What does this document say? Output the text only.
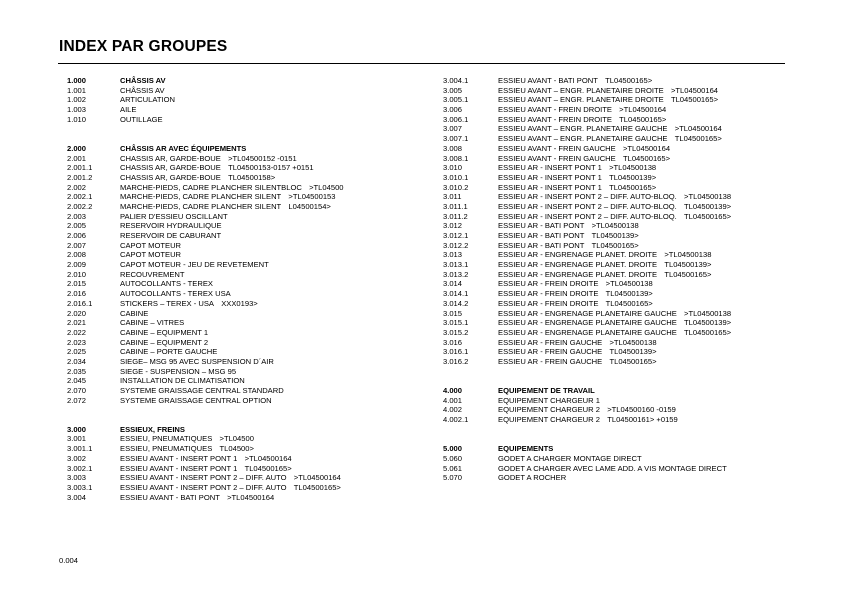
INDEX PAR GROUPES
1.000	CHÂSSIS AV
1.001	CHÂSSIS AV
1.002	ARTICULATION
1.003	AILE
1.010	OUTILLAGE
2.000	CHÂSSIS AR AVEC ÉQUIPEMENTS
2.001	CHASSIS AR, GARDE-BOUE >TL04500152 -0151
2.001.1	CHASSIS AR, GARDE-BOUE TL04500153-0157 +0151
2.001.2	CHASSIS AR, GARDE-BOUE TL04500158>
2.002	MARCHE-PIEDS, CADRE PLANCHER SILENTBLOC >TL04500
2.002.1	MARCHE-PIEDS, CADRE PLANCHER SILENT >TL04500153
2.002.2	MARCHE-PIEDS, CADRE PLANCHER SILENT L04500154>
2.003	PALIER D'ESSIEU OSCILLANT
2.005	RESERVOIR HYDRAULIQUE
2.006	RESERVOIR DE CABURANT
2.007	CAPOT MOTEUR
2.008	CAPOT MOTEUR
2.009	CAPOT MOTEUR - JEU DE REVETEMENT
2.010	RECOUVREMENT
2.015	AUTOCOLLANTS - TEREX
2.016	AUTOCOLLANTS - TEREX USA
2.016.1	STICKERS – TEREX - USA XXX0193>
2.020	CABINE
2.021	CABINE – VITRES
2.022	CABINE – EQUIPMENT 1
2.023	CABINE – EQUIPMENT 2
2.025	CABINE – PORTE GAUCHE
2.034	SIEGE– MSG 95 AVEC SUSPENSION D´AIR
2.035	SIEGE - SUSPENSION – MSG 95
2.045	INSTALLATION DE CLIMATISATION
2.070	SYSTEME GRAISSAGE CENTRAL STANDARD
2.072	SYSTEME GRAISSAGE CENTRAL OPTION
3.000	ESSIEUX, FREINS
3.001	ESSIEU, PNEUMATIQUES >TL04500
3.001.1	ESSIEU, PNEUMATIQUES TL04500>
3.002	ESSIEU AVANT - INSERT PONT 1 >TL04500164
3.002.1	ESSIEU AVANT - INSERT PONT 1 TL04500165>
3.003	ESSIEU AVANT - INSERT PONT 2 – DIFF. AUTO >TL04500164
3.003.1	ESSIEU AVANT - INSERT PONT 2 – DIFF. AUTO TL04500165>
3.004	ESSIEU AVANT - BATI PONT >TL04500164
3.004.1	ESSIEU AVANT - BATI PONT TL04500165>
3.005	ESSIEU AVANT – ENGR. PLANETAIRE DROITE >TL04500164
3.005.1	ESSIEU AVANT – ENGR. PLANETAIRE DROITE TL04500165>
3.006	ESSIEU AVANT - FREIN DROITE >TL04500164
3.006.1	ESSIEU AVANT - FREIN DROITE TL04500165>
3.007	ESSIEU AVANT – ENGR. PLANETAIRE GAUCHE >TL04500164
3.007.1	ESSIEU AVANT – ENGR. PLANETAIRE GAUCHE TL04500165>
3.008	ESSIEU AVANT - FREIN GAUCHE >TL04500164
3.008.1	ESSIEU AVANT - FREIN GAUCHE TL04500165>
3.010	ESSIEU AR - INSERT PONT 1 >TL04500138
3.010.1	ESSIEU AR - INSERT PONT 1 TL04500139>
3.010.2	ESSIEU AR - INSERT PONT 1 TL04500165>
3.011	ESSIEU AR - INSERT PONT 2 – DIFF. AUTO-BLOQ. >TL04500138
3.011.1	ESSIEU AR - INSERT PONT 2 – DIFF. AUTO-BLOQ. TL04500139>
3.011.2	ESSIEU AR - INSERT PONT 2 – DIFF. AUTO-BLOQ. TL04500165>
3.012	ESSIEU AR - BATI PONT >TL04500138
3.012.1	ESSIEU AR - BATI PONT TL04500139>
3.012.2	ESSIEU AR - BATI PONT TL04500165>
3.013	ESSIEU AR - ENGRENAGE PLANET. DROITE >TL04500138
3.013.1	ESSIEU AR - ENGRENAGE PLANET. DROITE TL04500139>
3.013.2	ESSIEU AR - ENGRENAGE PLANET. DROITE TL04500165>
3.014	ESSIEU AR - FREIN DROITE >TL04500138
3.014.1	ESSIEU AR - FREIN DROITE TL04500139>
3.014.2	ESSIEU AR - FREIN DROITE TL04500165>
3.015	ESSIEU AR - ENGRENAGE PLANETAIRE GAUCHE >TL04500138
3.015.1	ESSIEU AR - ENGRENAGE PLANETAIRE GAUCHE TL04500139>
3.015.2	ESSIEU AR - ENGRENAGE PLANETAIRE GAUCHE TL04500165>
3.016	ESSIEU AR - FREIN GAUCHE >TL04500138
3.016.1	ESSIEU AR - FREIN GAUCHE TL04500139>
3.016.2	ESSIEU AR - FREIN GAUCHE TL04500165>
4.000	EQUIPEMENT DE TRAVAIL
4.001	EQUIPEMENT CHARGEUR 1
4.002	EQUIPEMENT CHARGEUR 2 >TL04500160 -0159
4.002.1	EQUIPEMENT CHARGEUR 2 TL04500161> +0159
5.000	EQUIPEMENTS
5.060	GODET A CHARGER MONTAGE DIRECT
5.061	GODET A CHARGER AVEC LAME ADD. A VIS MONTAGE DIRECT
5.070	GODET A ROCHER
0.004
